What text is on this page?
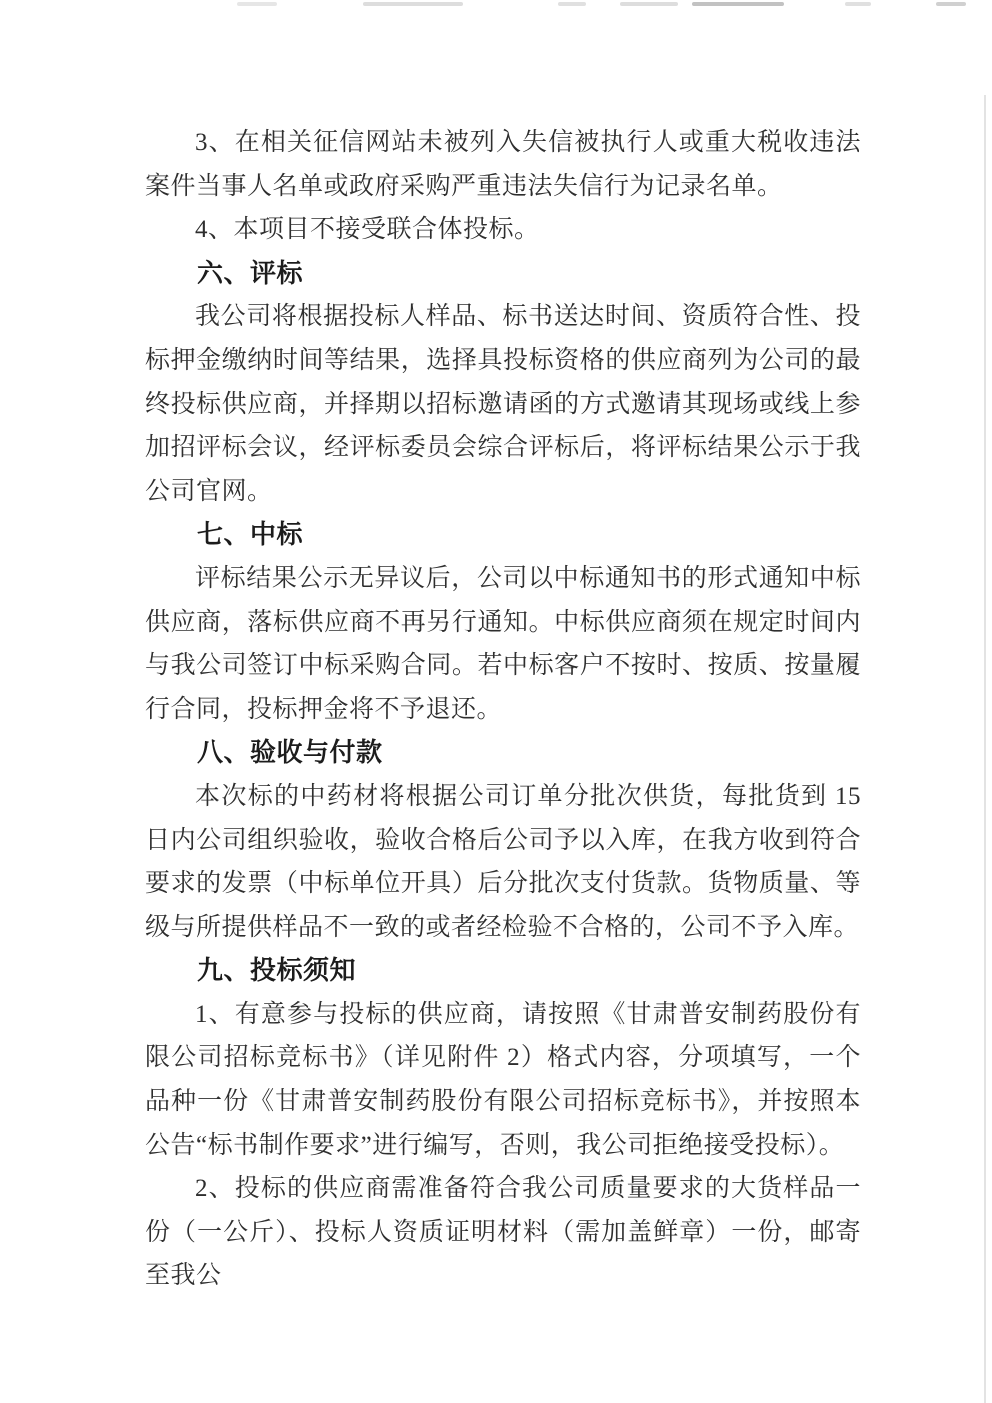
3、在相关征信网站未被列入失信被执行人或重大税收违法案件当事人名单或政府采购严重违法失信行为记录名单。

4、本项目不接受联合体投标。

六、评标

我公司将根据投标人样品、标书送达时间、资质符合性、投标押金缴纳时间等结果，选择具投标资格的供应商列为公司的最终投标供应商，并择期以招标邀请函的方式邀请其现场或线上参加招评标会议，经评标委员会综合评标后，将评标结果公示于我公司官网。

七、中标

评标结果公示无异议后，公司以中标通知书的形式通知中标供应商，落标供应商不再另行通知。中标供应商须在规定时间内与我公司签订中标采购合同。若中标客户不按时、按质、按量履行合同，投标押金将不予退还。

八、验收与付款

本次标的中药材将根据公司订单分批次供货，每批货到 15 日内公司组织验收，验收合格后公司予以入库，在我方收到符合要求的发票（中标单位开具）后分批次支付货款。货物质量、等级与所提供样品不一致的或者经检验不合格的，公司不予入库。

九、投标须知

1、有意参与投标的供应商，请按照《甘肃普安制药股份有限公司招标竞标书》（详见附件 2）格式内容，分项填写，一个品种一份《甘肃普安制药股份有限公司招标竞标书》，并按照本公告“标书制作要求”进行编写，否则，我公司拒绝接受投标）。

2、投标的供应商需准备符合我公司质量要求的大货样品一份（一公斤）、投标人资质证明材料（需加盖鲜章）一份，邮寄至我公
